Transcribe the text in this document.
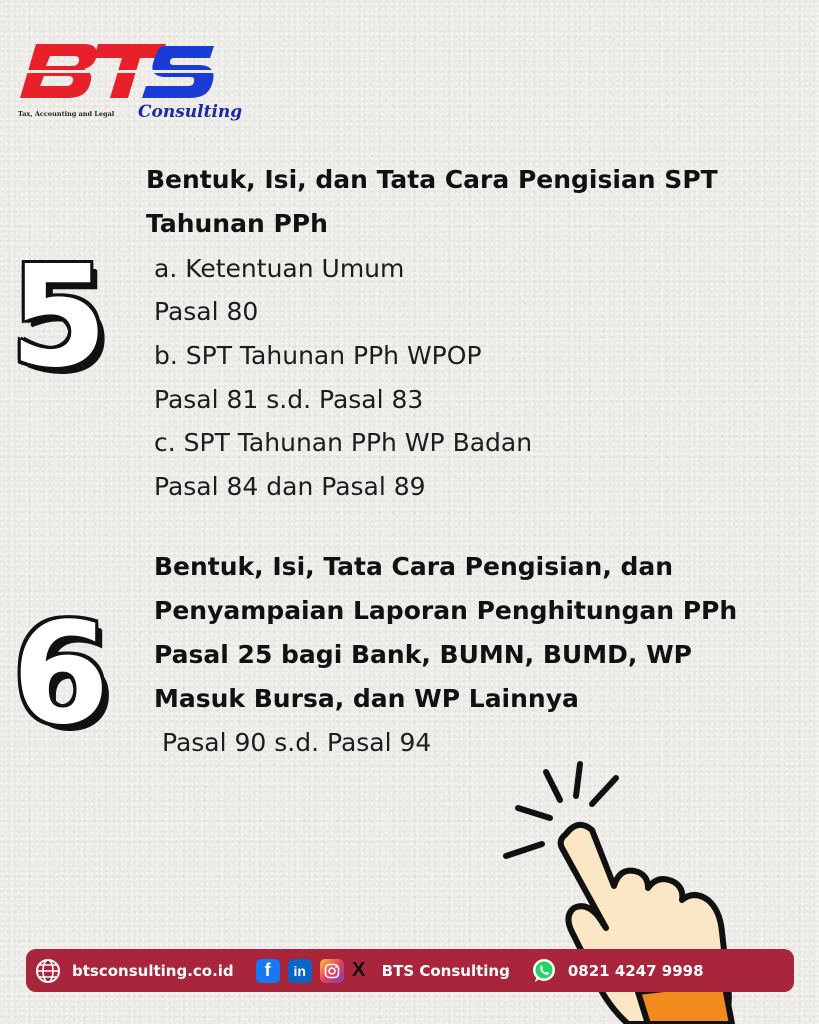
Tax, Accounting and Legal Consulting
5
Bentuk, Isi, dan Tata Cara Pengisian SPT
Tahunan PPh
a. Ketentuan Umum
Pasal 80
b. SPT Tahunan PPh WPOP
Pasal 81 s.d. Pasal 83
c. SPT Tahunan PPh WP Badan
Pasal 84 dan Pasal 89
6
Bentuk, Isi, Tata Cara Pengisian, dan
Penyampaian Laporan Penghitungan PPh
Pasal 25 bagi Bank, BUMN, BUMD, WP
Masuk Bursa, dan WP Lainnya
Pasal 90 s.d. Pasal 94
btsconsulting.co.id	f	in X BTS Consulting	0821 4247 9998
